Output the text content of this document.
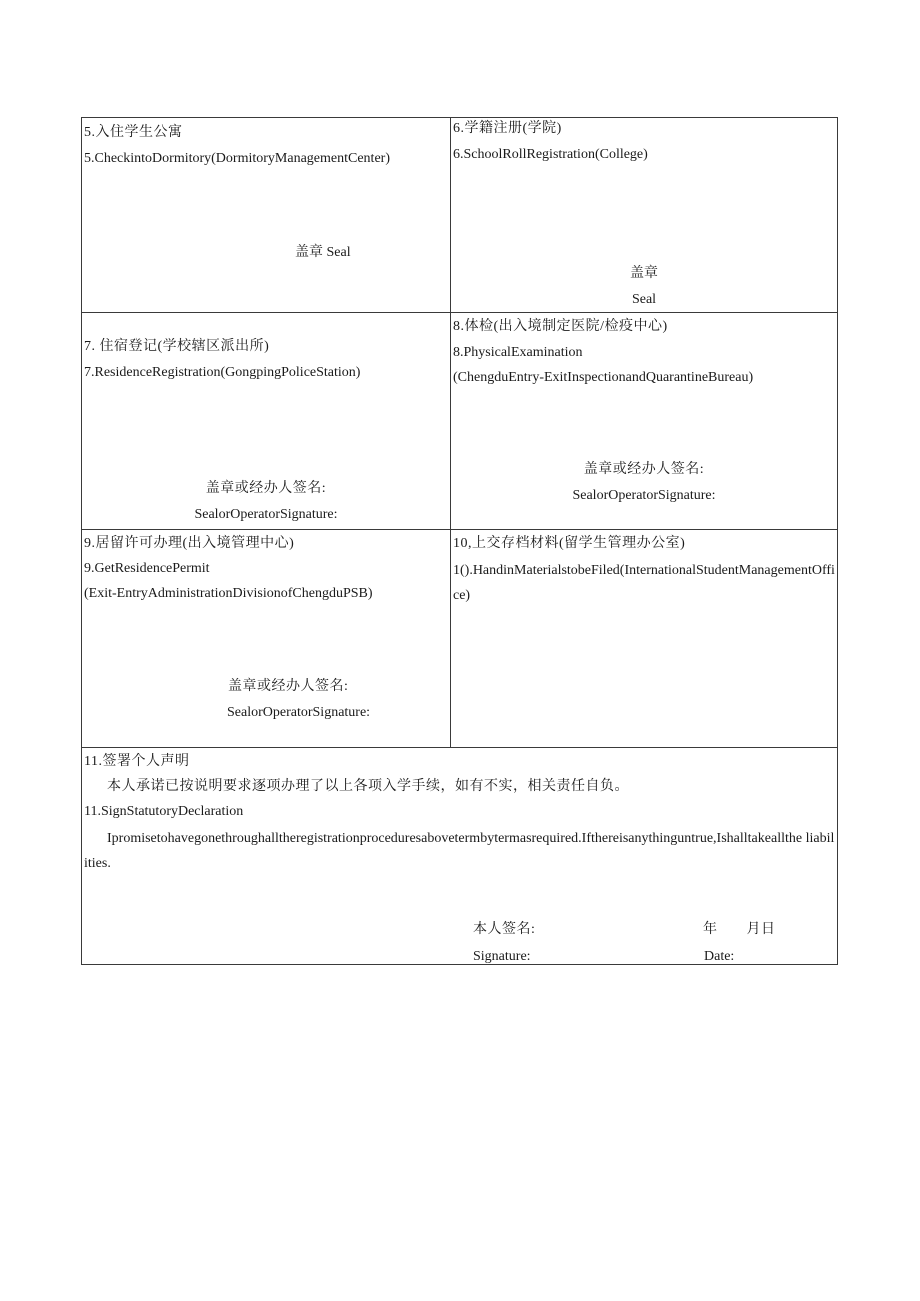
5.入住学生公寓
5.CheckintoDormitory(DormitoryManagementCenter)
盖章 Seal
6.学籍注册(学院)
6.SchoolRollRegistration(College)
盖章
Seal
7. 住宿登记(学校辖区派出所)
7.ResidenceRegistration(GongpingPoliceStation)
盖章或经办人签名:
SealorOperatorSignature:
8.体检(出入境制定医院/检疫中心)
8.PhysicalExamination
(ChengduEntry-ExitInspectionandQuarantineBureau)
盖章或经办人签名:
SealorOperatorSignature:
9.居留许可办理(出入境管理中心)
9.GetResidencePermit
(Exit-EntryAdministrationDivisionofChengduPSB)
盖章或经办人签名:
SealorOperatorSignature:
10,上交存档材料(留学生管理办公室)
1().HandinMaterialstobeFiled(InternationalStudentManagementOffice)
11.签署个人声明
本人承诺已按说明要求逐项办理了以上各项入学手续，如有不实，相关责任自负。
11.SignStatutoryDeclaration
Ipromisetohavegonethroughalltheregistrationproceduresabovetermbytermasrequired.Ifthereisanythinguntrue,Ishalltakeallthe liabilities.
本人签名:
Signature:
年　　月日
Date:
